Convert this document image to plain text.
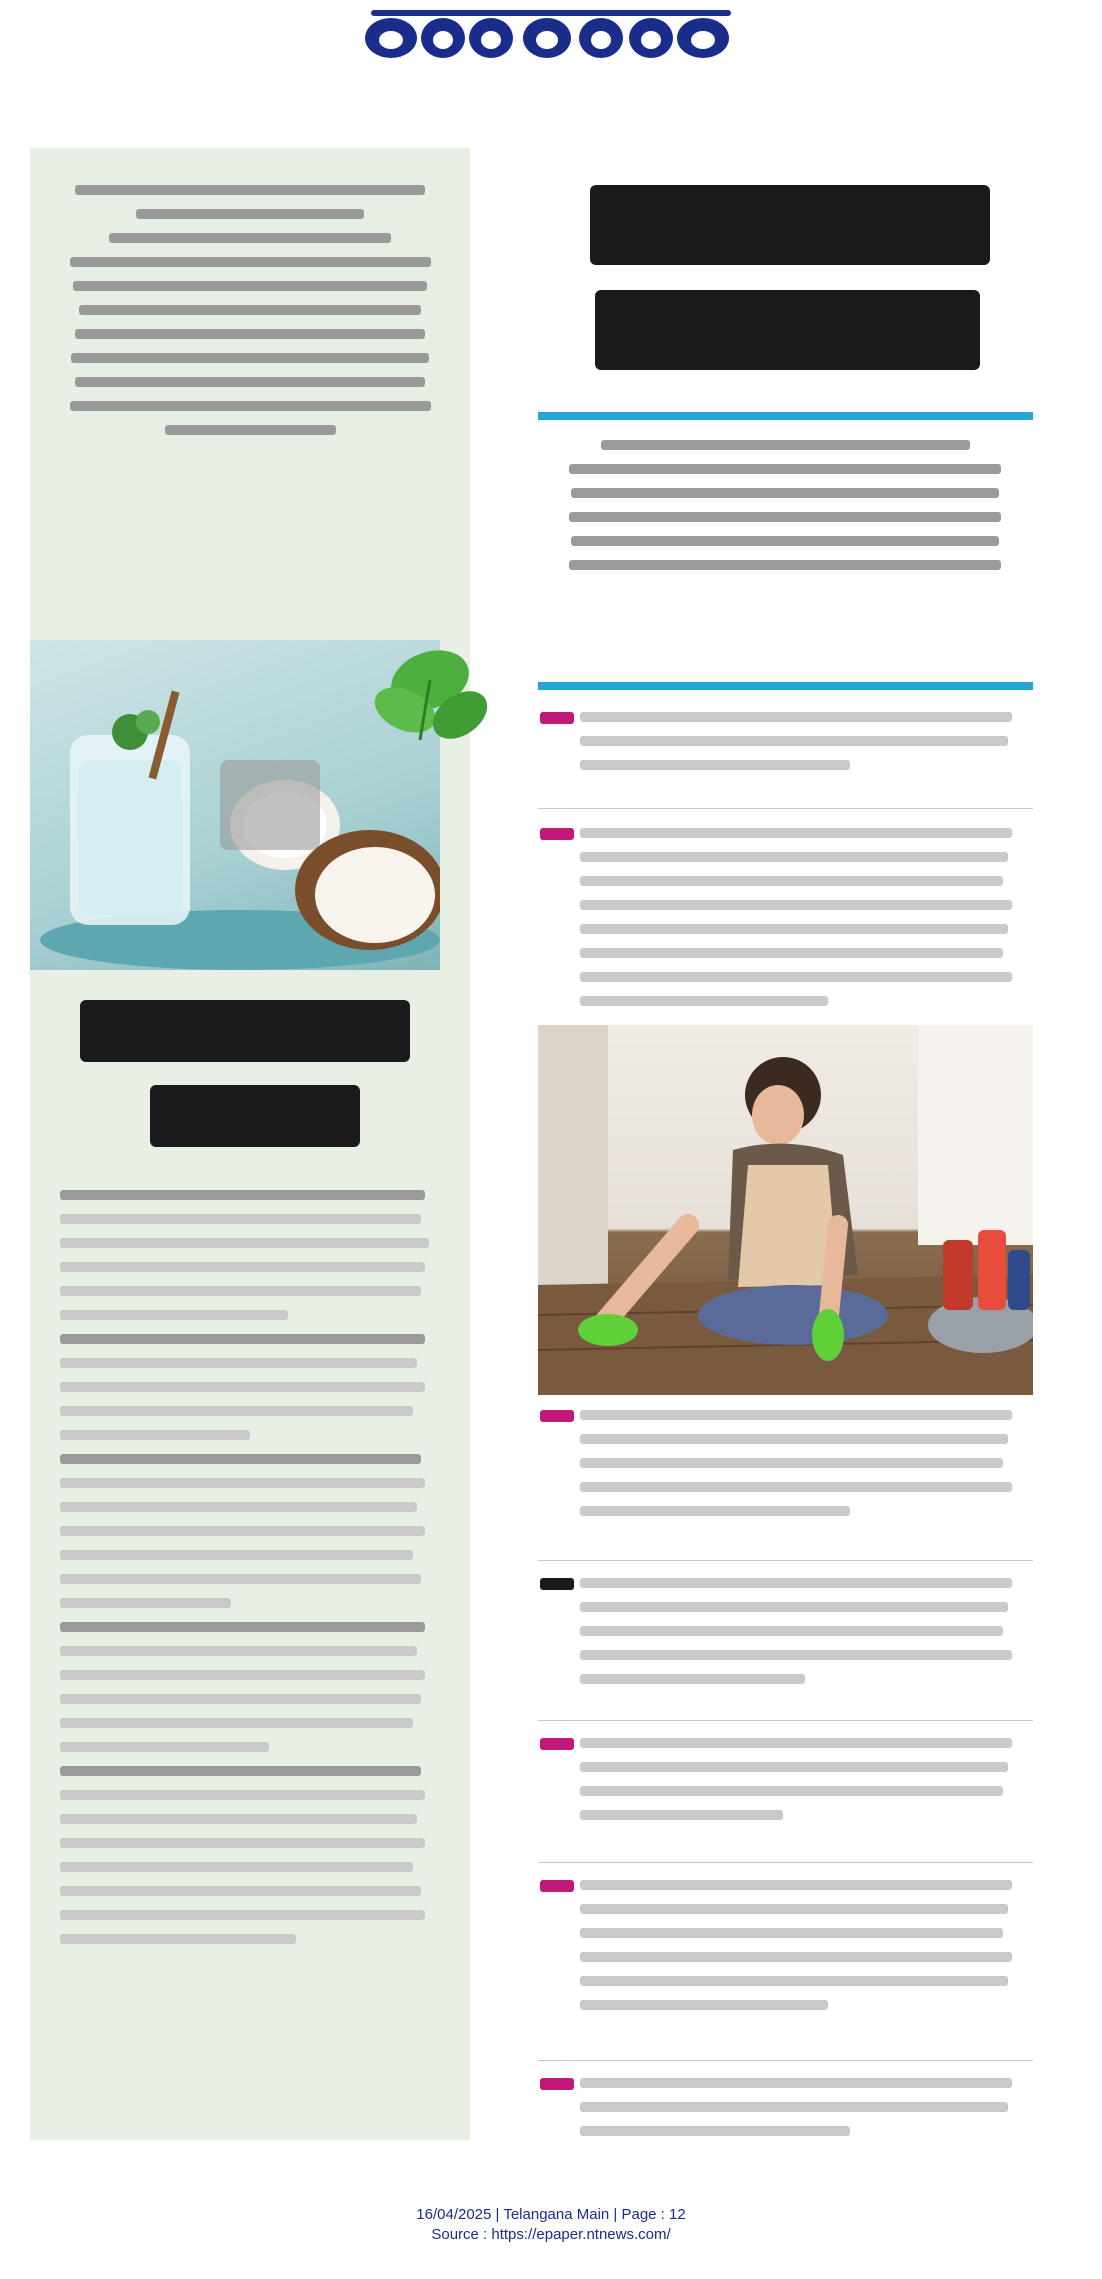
16/04/2025 | Telangana Main | Page : 12
Source : https://epaper.ntnews.com/
